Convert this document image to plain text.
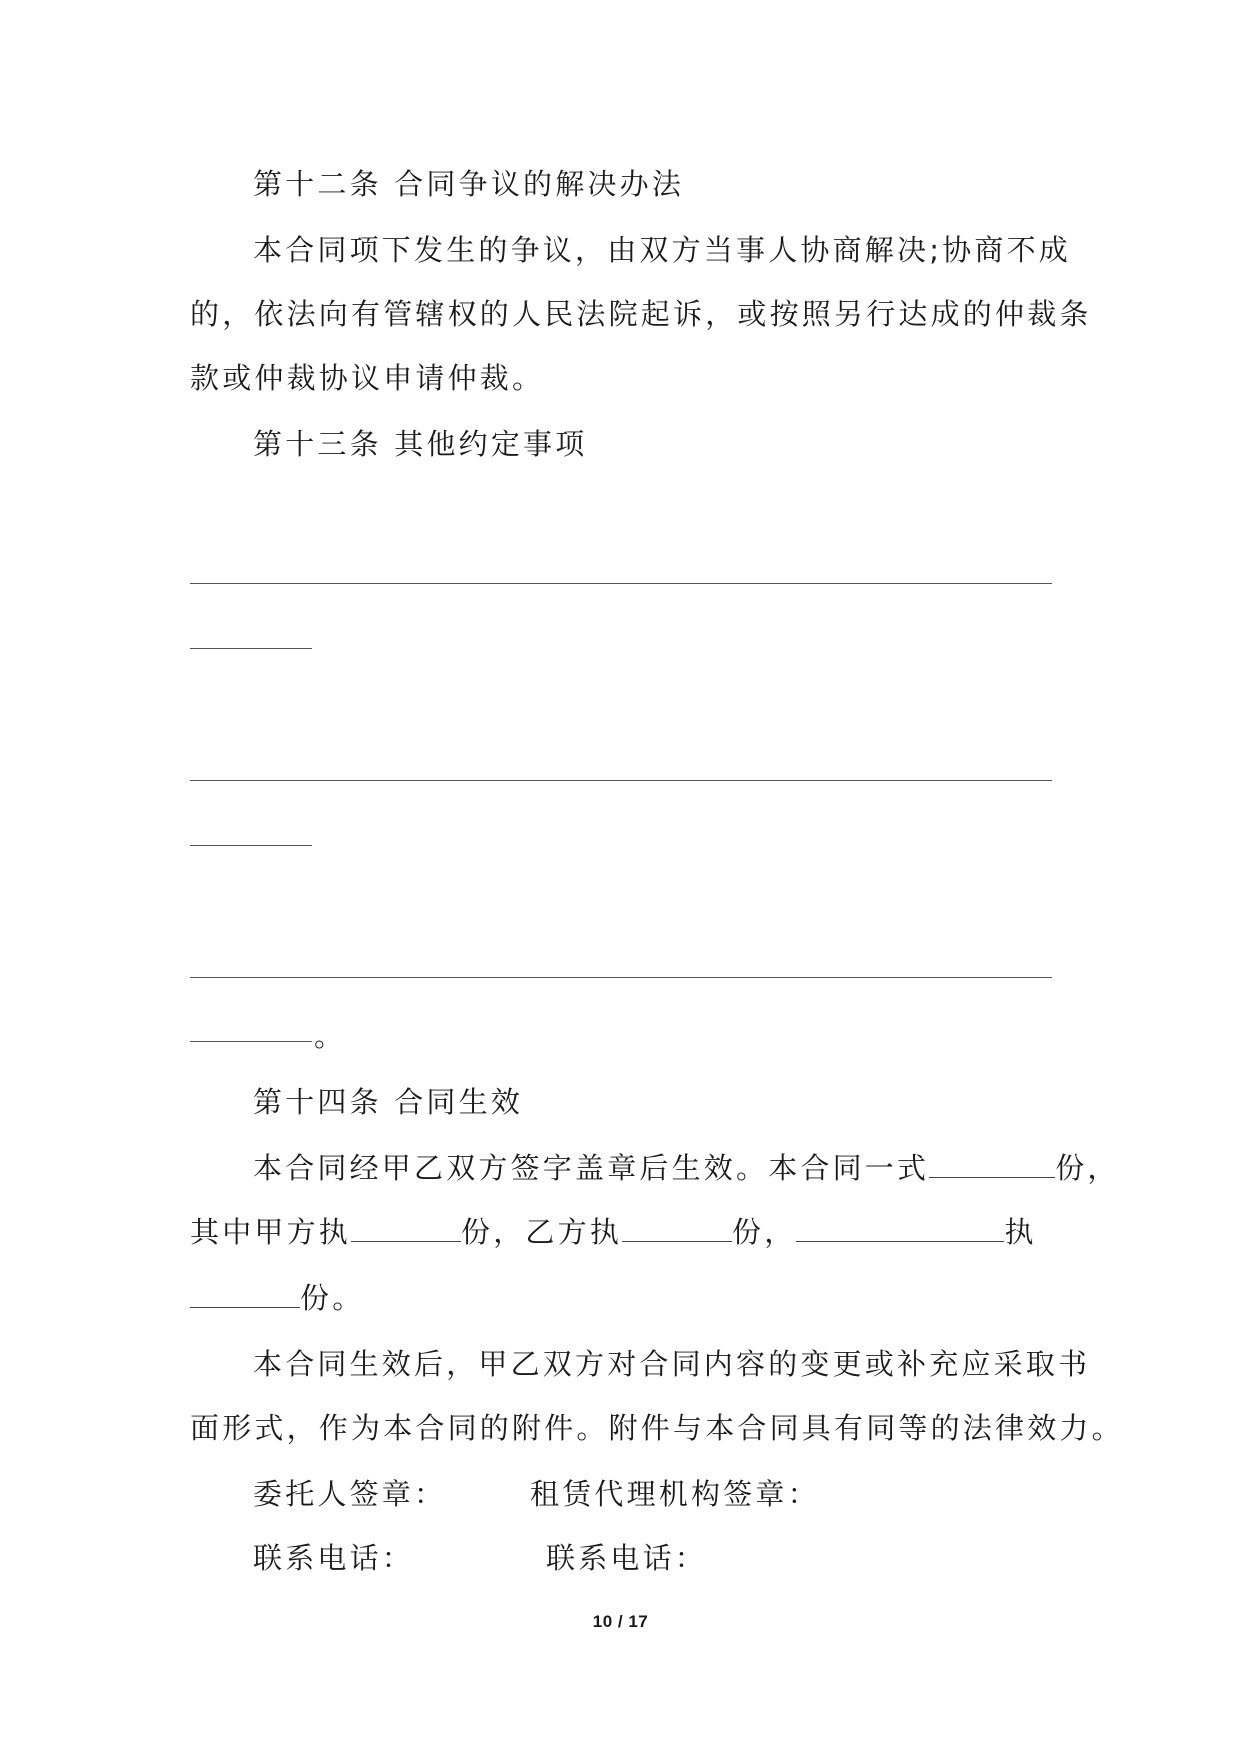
第十二条 合同争议的解决办法
本合同项下发生的争议，由双方当事人协商解决;协商不成
的，依法向有管辖权的人民法院起诉，或按照另行达成的仲裁条
款或仲裁协议申请仲裁。
第十三条 其他约定事项
。
第十四条 合同生效
本合同经甲乙双方签字盖章后生效。本合同一式	份，
其中甲方执	份，乙方执	份，	执
份。
本合同生效后，甲乙双方对合同内容的变更或补充应采取书
面形式，作为本合同的附件。附件与本合同具有同等的法律效力。
委托人签章：	租赁代理机构签章：
联系电话：	联系电话：
10 / 17
